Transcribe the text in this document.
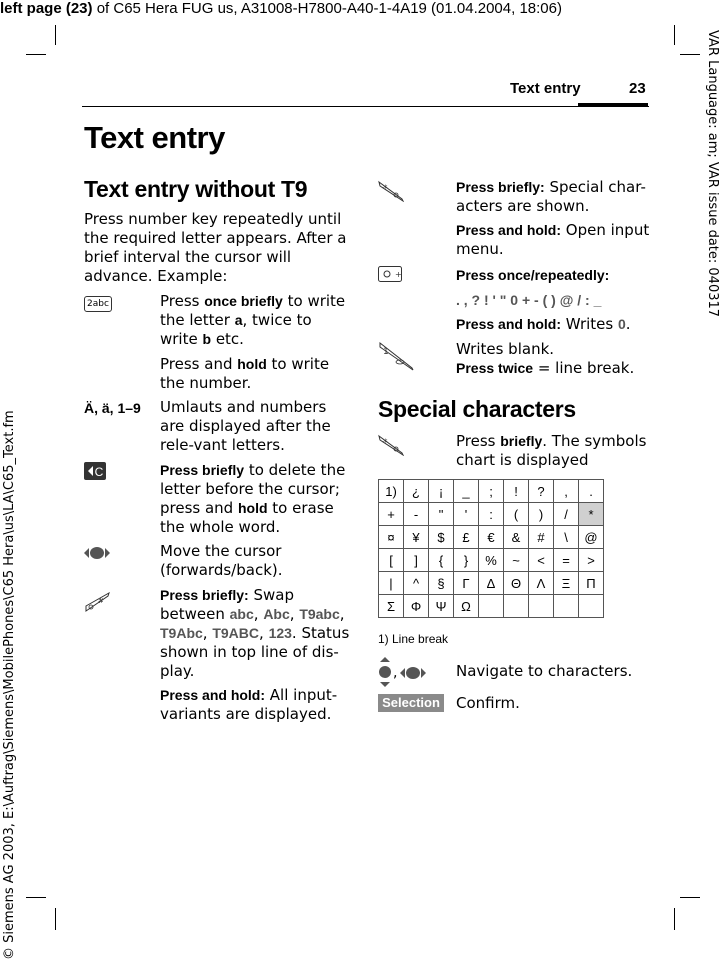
left page (23) of C65 Hera FUG us, A31008-H7800-A40-1-4A19 (01.04.2004, 18:06)
VAR Language: am; VAR issue date: 040317
© Siemens AG 2003, E:\Auftrag\Siemens\MobilePhones\C65 Hera\us\LA\C65_Text.fm
Text entry	23
Text entry
Text entry without T9
Press number key repeatedly until the required letter appears. After a brief interval the cursor will advance. Example:
2abc	Press once briefly to write the letter a, twice to write b etc.
Press and hold to write the number.
Ä, ä, 1–9 Umlauts and numbers are displayed after the rele-vant letters.
C	Press briefly to delete the letter before the cursor; press and hold to erase the whole word.
Move the cursor (forwards/back).
#	Press briefly: Swap between abc, Abc, T9abc, T9Abc, T9ABC, 123. Status shown in top line of dis-play.
Press and hold: All input-variants are displayed.
*	Press briefly: Special char-acters are shown.
Press and hold: Open input menu.
+	Press once/repeatedly:
. , ? ! ' " 0 + - ( ) @ / : _
Press and hold: Writes 0.
1	Writes blank.
Press twice = line break.
Special characters
*	Press briefly. The symbols chart is displayed
1)	¿	¡	_	;	!	?	,	.
+	-	"	'	:	(	)	/	*
¤	¥	$	£	€	&	#	\	@
[	]	{	}	%	~	<	=	>
|	^	§	Γ	Δ	Θ	Λ	Ξ	Π
Σ	Φ	Ψ	Ω					
1) Line break
,	Navigate to characters.
Selection Confirm.
